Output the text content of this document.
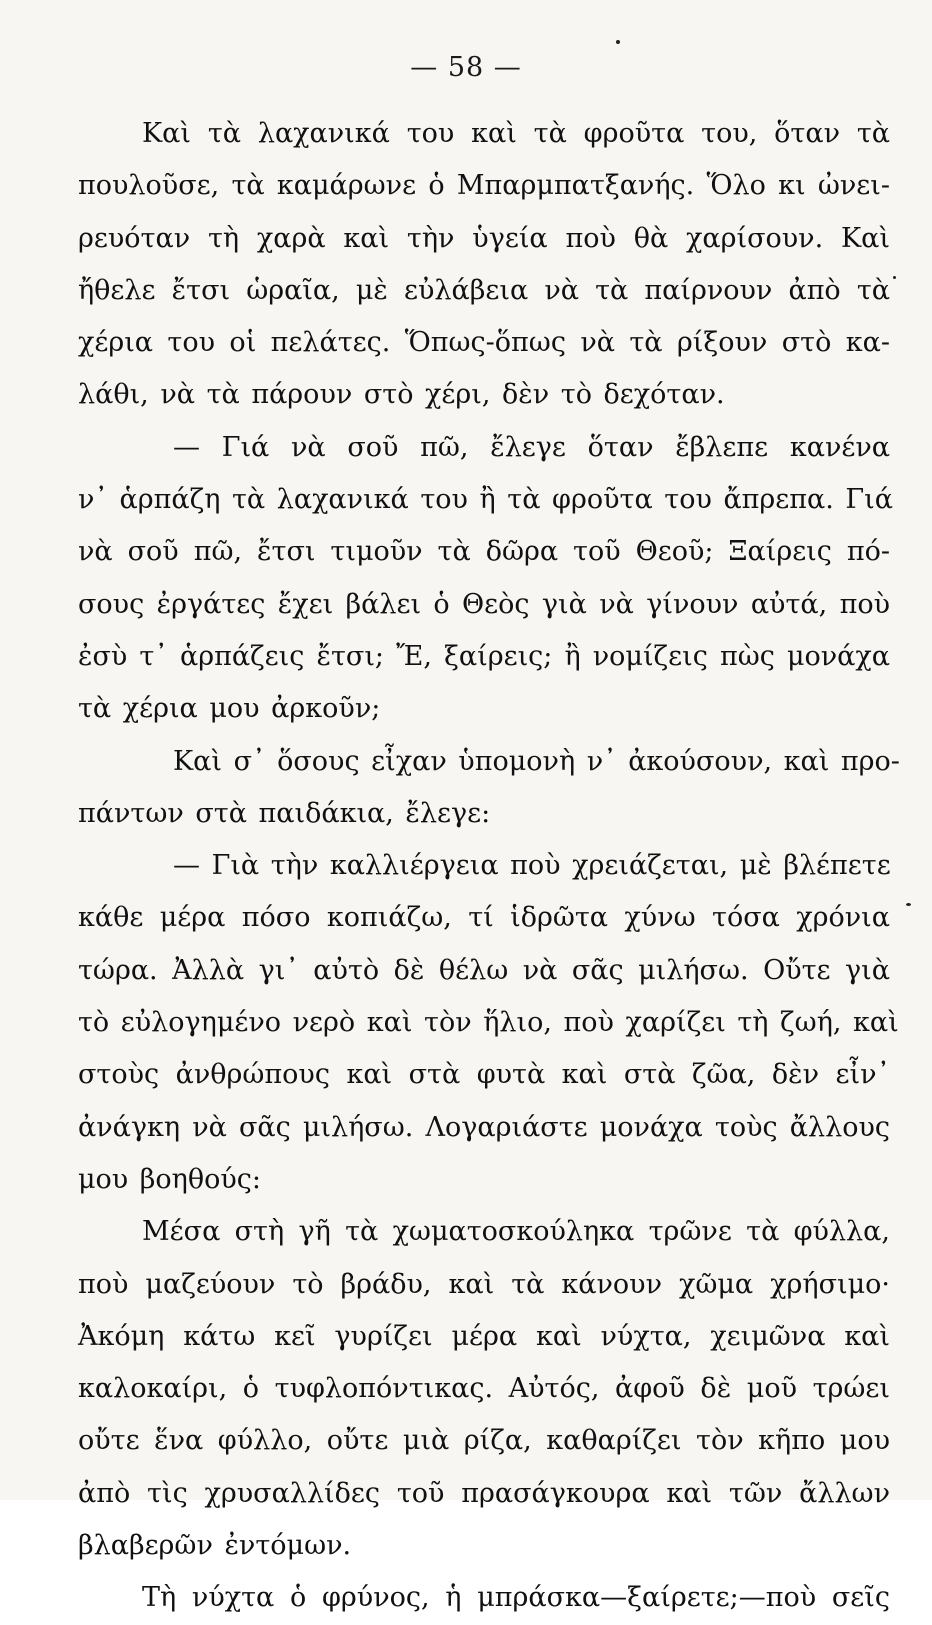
— 58 —
Καὶ τὰ λαχανικά του καὶ τὰ φροῦτα του, ὅταν τὰ
πουλοῦσε, τὰ καμάρωνε ὁ Μπαρμπατξανής. Ὅλο κι ὠνει-
ρευόταν τὴ χαρὰ καὶ τὴν ὑγεία ποὺ θὰ χαρίσουν. Καὶ
ἤθελε ἔτσι ὡραῖα, μὲ εὐλάβεια νὰ τὰ παίρνουν ἀπὸ τὰ
χέρια του οἱ πελάτες. Ὅπως-ὅπως νὰ τὰ ρίξουν στὸ κα-
λάθι, νὰ τὰ πάρουν στὸ χέρι, δὲν τὸ δεχόταν.
— Γιά νὰ σοῦ πῶ, ἔλεγε ὅταν ἔβλεπε κανένα
ν᾽ ἁρπάζη τὰ λαχανικά του ἢ τὰ φροῦτα του ἄπρεπα. Γιά
νὰ σοῦ πῶ, ἔτσι τιμοῦν τὰ δῶρα τοῦ Θεοῦ; Ξαίρεις πό-
σους ἐργάτες ἔχει βάλει ὁ Θεὸς γιὰ νὰ γίνουν αὐτά, ποὺ
ἐσὺ τ᾽ ἁρπάζεις ἔτσι; Ἔ, ξαίρεις; ἢ νομίζεις πὼς μονάχα
τὰ χέρια μου ἀρκοῦν;
Καὶ σ᾽ ὅσους εἶχαν ὑπομονὴ ν᾽ ἀκούσουν, καὶ προ-
πάντων στὰ παιδάκια, ἔλεγε:
— Γιὰ τὴν καλλιέργεια ποὺ χρειάζεται, μὲ βλέπετε
κάθε μέρα πόσο κοπιάζω, τί ἱδρῶτα χύνω τόσα χρόνια
τώρα. Ἀλλὰ γι᾽ αὐτὸ δὲ θέλω νὰ σᾶς μιλήσω. Οὔτε γιὰ
τὸ εὐλογημένο νερὸ καὶ τὸν ἥλιο, ποὺ χαρίζει τὴ ζωή, καὶ
στοὺς ἀνθρώπους καὶ στὰ φυτὰ καὶ στὰ ζῶα, δὲν εἶν᾽
ἀνάγκη νὰ σᾶς μιλήσω. Λογαριάστε μονάχα τοὺς ἄλλους
μου βοηθούς:
Μέσα στὴ γῆ τὰ χωματοσκούληκα τρῶνε τὰ φύλλα,
ποὺ μαζεύουν τὸ βράδυ, καὶ τὰ κάνουν χῶμα χρήσιμο·
Ἀκόμη κάτω κεῖ γυρίζει μέρα καὶ νύχτα, χειμῶνα καὶ
καλοκαίρι, ὁ τυφλοπόντικας. Αὐτός, ἀφοῦ δὲ μοῦ τρώει
οὔτε ἕνα φύλλο, οὔτε μιὰ ρίζα, καθαρίζει τὸν κῆπο μου
ἀπὸ τὶς χρυσαλλίδες τοῦ πρασάγκουρα καὶ τῶν ἄλλων
βλαβερῶν ἐντόμων.
Τὴ νύχτα ὁ φρύνος, ἡ μπράσκα—ξαίρετε;—ποὺ σεῖς
